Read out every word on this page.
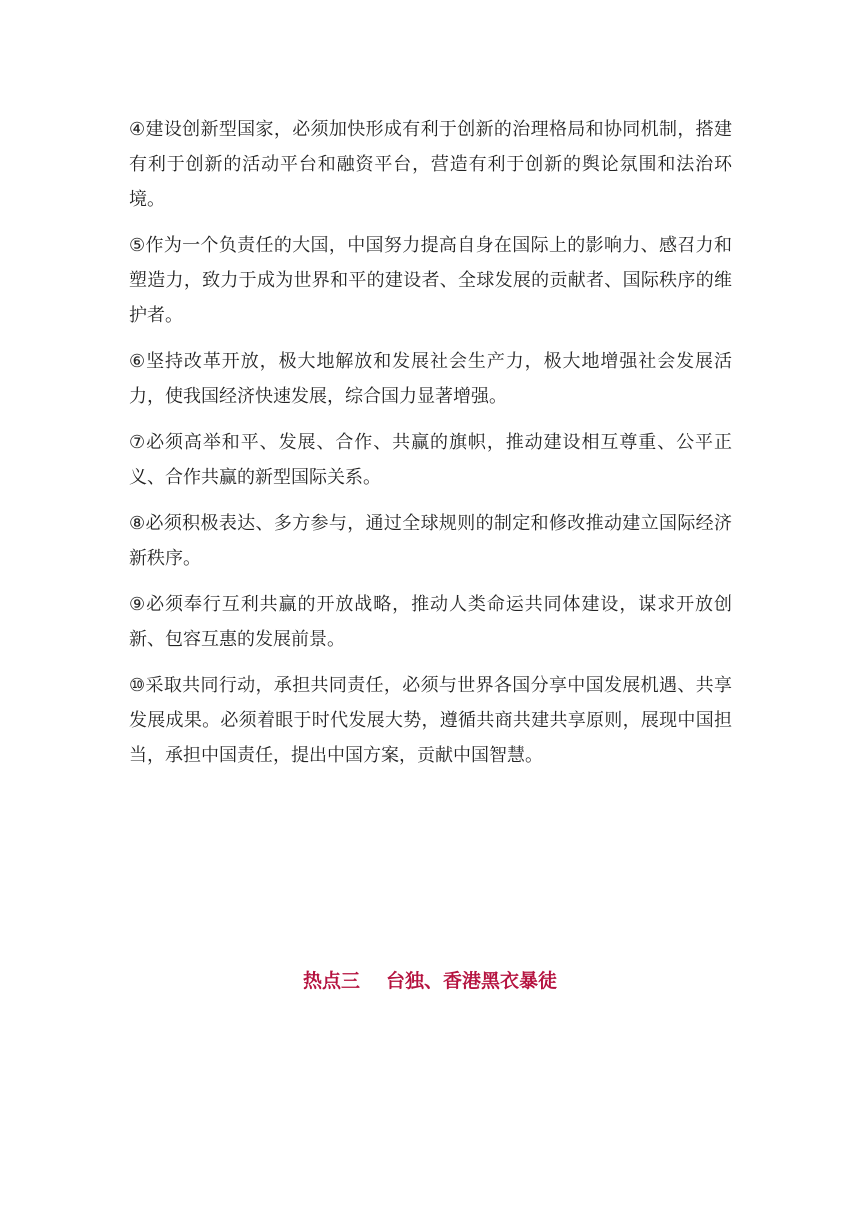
④建设创新型国家，必须加快形成有利于创新的治理格局和协同机制，搭建有利于创新的活动平台和融资平台，营造有利于创新的舆论氛围和法治环境。

⑤作为一个负责任的大国，中国努力提高自身在国际上的影响力、感召力和塑造力，致力于成为世界和平的建设者、全球发展的贡献者、国际秩序的维护者。

⑥坚持改革开放，极大地解放和发展社会生产力，极大地增强社会发展活力，使我国经济快速发展，综合国力显著增强。

⑦必须高举和平、发展、合作、共赢的旗帜，推动建设相互尊重、公平正义、合作共赢的新型国际关系。

⑧必须积极表达、多方参与，通过全球规则的制定和修改推动建立国际经济新秩序。

⑨必须奉行互利共赢的开放战略，推动人类命运共同体建设，谋求开放创新、包容互惠的发展前景。

⑩采取共同行动，承担共同责任，必须与世界各国分享中国发展机遇、共享发展成果。必须着眼于时代发展大势，遵循共商共建共享原则，展现中国担当，承担中国责任，提出中国方案，贡献中国智慧。

热点三 台独、香港黑衣暴徒
